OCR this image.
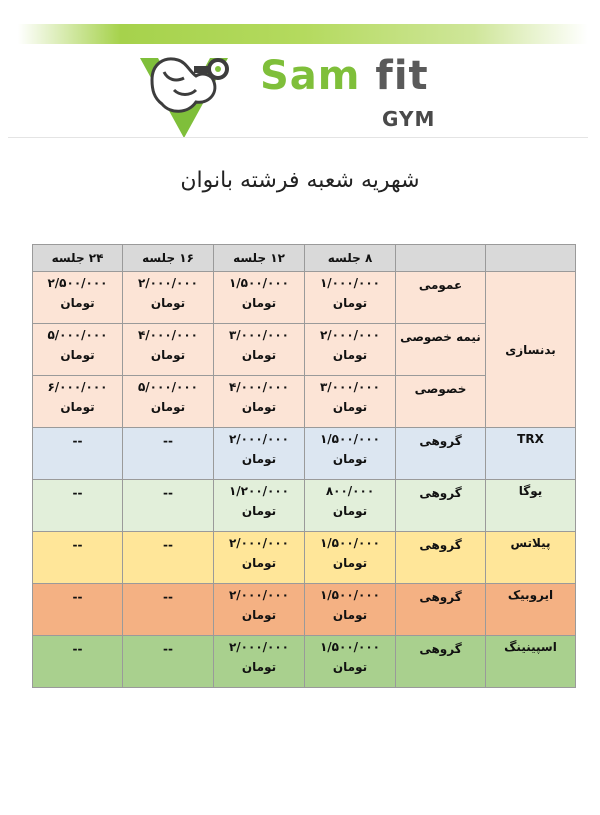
Sam fit
GYM
شهریه شعبه فرشته بانوان
		۸ جلسه	۱۲ جلسه	۱۶ جلسه	۲۴ جلسه
بدنسازی	عمومی	۱/۰۰۰/۰۰۰
تومان	۱/۵۰۰/۰۰۰
تومان	۲/۰۰۰/۰۰۰
تومان	۲/۵۰۰/۰۰۰
تومان

	نیمه خصوصی	۲/۰۰۰/۰۰۰
تومان	۳/۰۰۰/۰۰۰
تومان	۴/۰۰۰/۰۰۰
تومان	۵/۰۰۰/۰۰۰
تومان

	خصوصی	۳/۰۰۰/۰۰۰
تومان	۴/۰۰۰/۰۰۰
تومان	۵/۰۰۰/۰۰۰
تومان	۶/۰۰۰/۰۰۰
تومان

TRX	گروهی	۱/۵۰۰/۰۰۰
تومان	۲/۰۰۰/۰۰۰
تومان	--	--
یوگا	گروهی	۸۰۰/۰۰۰
تومان	۱/۲۰۰/۰۰۰
تومان	--	--
پیلاتس	گروهی	۱/۵۰۰/۰۰۰
تومان	۲/۰۰۰/۰۰۰
تومان	--	--
ایروبیک	گروهی	۱/۵۰۰/۰۰۰
تومان	۲/۰۰۰/۰۰۰
تومان	--	--
اسپینینگ	گروهی	۱/۵۰۰/۰۰۰
تومان	۲/۰۰۰/۰۰۰
تومان	--	--
